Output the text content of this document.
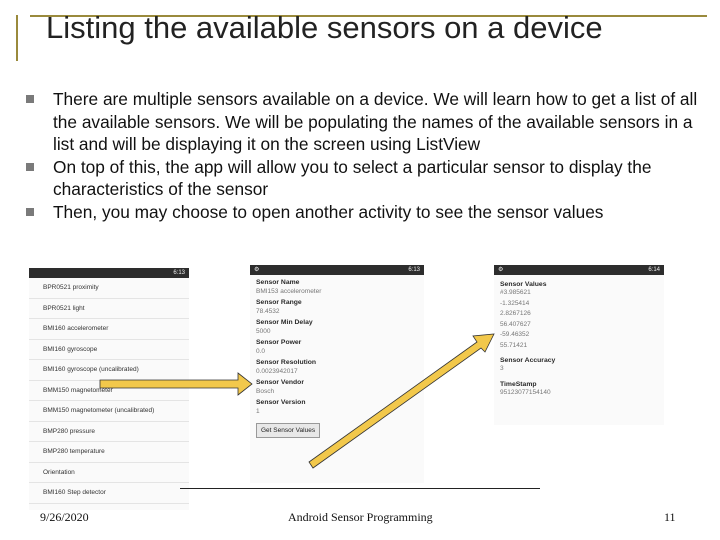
Listing the available sensors on a device
There are multiple sensors available on a device. We will learn how to get a list of all the available sensors. We will be populating the names of the available sensors in a list and will be displaying it on the screen using ListView
On top of this, the app will allow you to select a particular sensor to display the characteristics of the sensor
Then, you may choose to open another activity to see the sensor values
6:13
BPR0521 proximity
BPR0521 light
BMI160 accelerometer
BMI160 gyroscope
BMI160 gyroscope (uncalibrated)
BMM150 magnetometer
BMM150 magnetometer (uncalibrated)
BMP280 pressure
BMP280 temperature
Orientation
BMI160 Step detector
⚙	6:13
Sensor Name
BMI153 accelerometer
Sensor Range
78.4532
Sensor Min Delay
5000
Sensor Power
0.0
Sensor Resolution
0.0023942017
Sensor Vendor
Bosch
Sensor Version
1
Get Sensor Values
⚙	6:14
Sensor Values
#3.985621
-1.325414
2.8267126
56.407627
-59.46352
55.71421
Sensor Accuracy
3
TimeStamp
95123077154140
9/26/2020	Android Sensor Programming	11
